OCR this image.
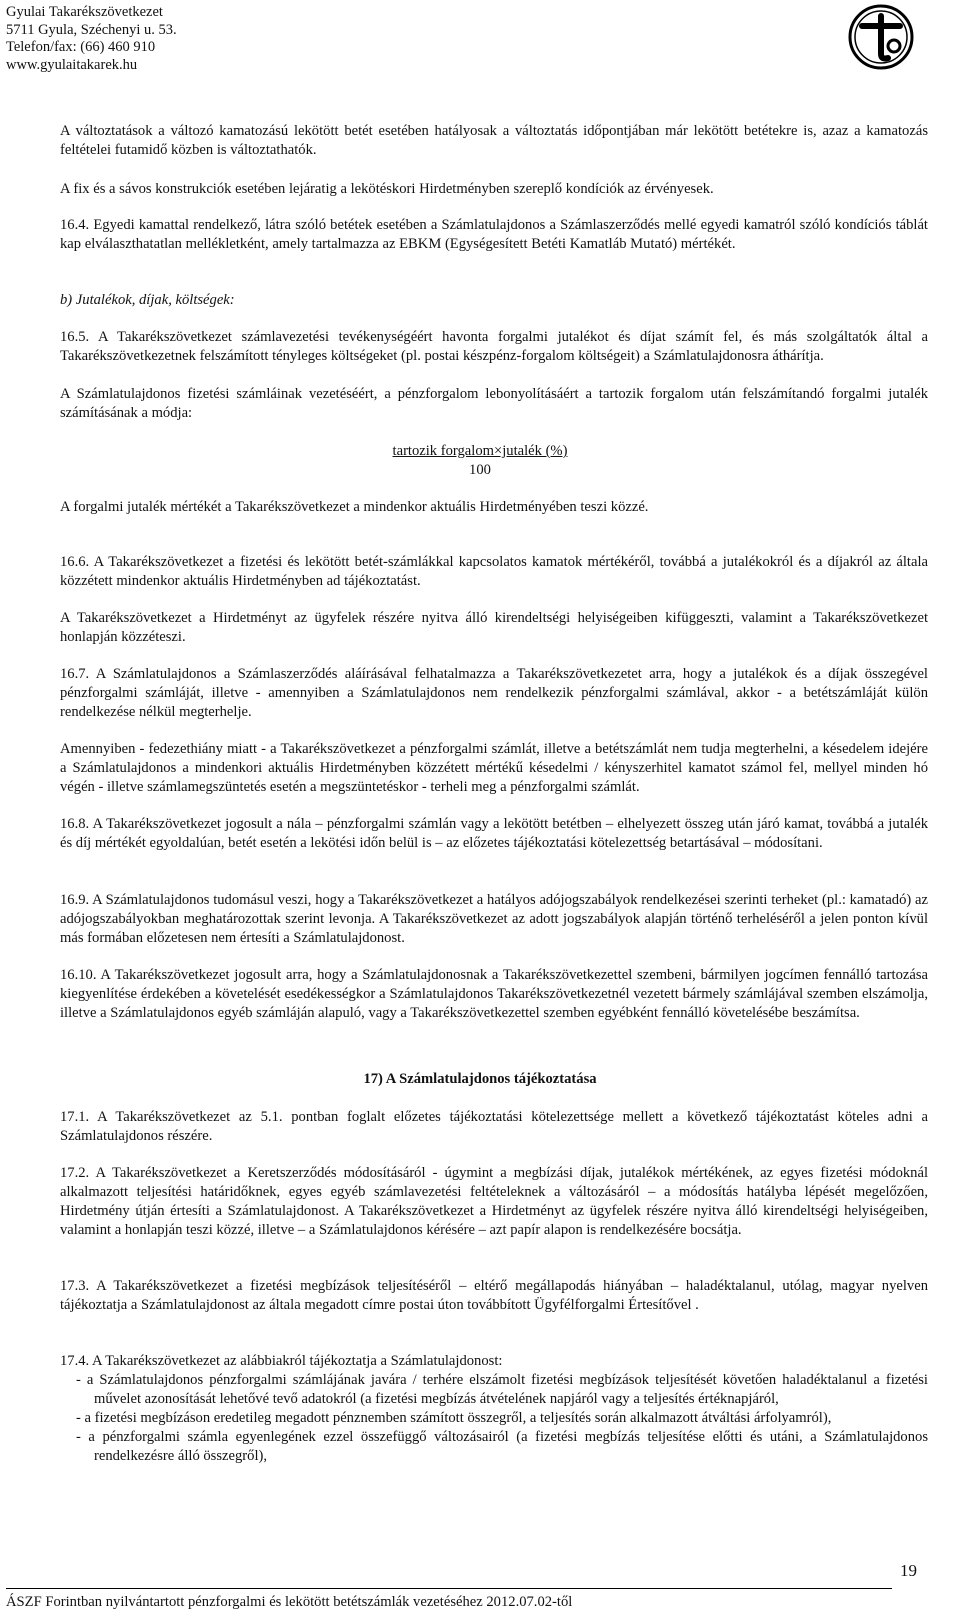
Gyulai Takarékszövetkezet
5711 Gyula, Széchenyi u. 53.
Telefon/fax: (66) 460 910
www.gyulaitakarek.hu
A változtatások a változó kamatozású lekötött betét esetében hatályosak a változtatás időpontjában már lekötött betétekre is, azaz a kamatozás feltételei futamidő közben is változtathatók.
A fix és a sávos konstrukciók esetében lejáratig a lekötéskori Hirdetményben szereplő kondíciók az érvényesek.
16.4. Egyedi kamattal rendelkező, látra szóló betétek esetében a Számlatulajdonos a Számlaszerződés mellé egyedi kamatról szóló kondíciós táblát kap elválaszthatatlan mellékletként, amely tartalmazza az EBKM (Egységesített Betéti Kamatláb Mutató) mértékét.
b) Jutalékok, díjak, költségek:
16.5. A Takarékszövetkezet számlavezetési tevékenységéért havonta forgalmi jutalékot és díjat számít fel, és más szolgáltatók által a Takarékszövetkezetnek felszámított tényleges költségeket (pl. postai készpénz-forgalom költségeit) a Számlatulajdonosra áthárítja.
A Számlatulajdonos fizetési számláinak vezetéséért, a pénzforgalom lebonyolításáért a tartozik forgalom után felszámítandó forgalmi jutalék számításának a módja:
tartozik forgalom×jutalék (%)
100
A forgalmi jutalék mértékét a Takarékszövetkezet a mindenkor aktuális Hirdetményében teszi közzé.
16.6. A Takarékszövetkezet a fizetési és lekötött betét-számlákkal kapcsolatos kamatok mértékéről, továbbá a jutalékokról és a díjakról az általa közzétett mindenkor aktuális Hirdetményben ad tájékoztatást.
A Takarékszövetkezet a Hirdetményt az ügyfelek részére nyitva álló kirendeltségi helyiségeiben kifüggeszti, valamint a Takarékszövetkezet honlapján közzéteszi.
16.7. A Számlatulajdonos a Számlaszerződés aláírásával felhatalmazza a Takarékszövetkezetet arra, hogy a jutalékok és a díjak összegével pénzforgalmi számláját, illetve - amennyiben a Számlatulajdonos nem rendelkezik pénzforgalmi számlával, akkor - a betétszámláját külön rendelkezése nélkül megterhelje.
Amennyiben - fedezethiány miatt - a Takarékszövetkezet a pénzforgalmi számlát, illetve a betétszámlát nem tudja megterhelni, a késedelem idejére a Számlatulajdonos a mindenkori aktuális Hirdetményben közzétett mértékű késedelmi / kényszerhitel kamatot számol fel, mellyel minden hó végén - illetve számlamegszüntetés esetén a megszüntetéskor - terheli meg a pénzforgalmi számlát.
16.8. A Takarékszövetkezet jogosult a nála – pénzforgalmi számlán vagy a lekötött betétben – elhelyezett összeg után járó kamat, továbbá a jutalék és díj mértékét egyoldalúan, betét esetén a lekötési időn belül is – az előzetes tájékoztatási kötelezettség betartásával – módosítani.
16.9. A Számlatulajdonos tudomásul veszi, hogy a Takarékszövetkezet a hatályos adójogszabályok rendelkezései szerinti terheket (pl.: kamatadó) az adójogszabályokban meghatározottak szerint levonja. A Takarékszövetkezet az adott jogszabályok alapján történő terheléséről a jelen ponton kívül más formában előzetesen nem értesíti a Számlatulajdonost.
16.10. A Takarékszövetkezet jogosult arra, hogy a Számlatulajdonosnak a Takarékszövetkezettel szembeni, bármilyen jogcímen fennálló tartozása kiegyenlítése érdekében a követelését esedékességkor a Számlatulajdonos Takarékszövetkezetnél vezetett bármely számlájával szemben elszámolja, illetve a Számlatulajdonos egyéb számláján alapuló, vagy a Takarékszövetkezettel szemben egyébként fennálló követelésébe beszámítsa.
17) A Számlatulajdonos tájékoztatása
17.1. A Takarékszövetkezet az 5.1. pontban foglalt előzetes tájékoztatási kötelezettsége mellett a következő tájékoztatást köteles adni a Számlatulajdonos részére.
17.2. A Takarékszövetkezet a Keretszerződés módosításáról - úgymint a megbízási díjak, jutalékok mértékének, az egyes fizetési módoknál alkalmazott teljesítési határidőknek, egyes egyéb számlavezetési feltételeknek a változásáról – a módosítás hatályba lépését megelőzően, Hirdetmény útján értesíti a Számlatulajdonost. A Takarékszövetkezet a Hirdetményt az ügyfelek részére nyitva álló kirendeltségi helyiségeiben, valamint a honlapján teszi közzé, illetve – a Számlatulajdonos kérésére – azt papír alapon is rendelkezésére bocsátja.
17.3. A Takarékszövetkezet a fizetési megbízások teljesítéséről – eltérő megállapodás hiányában – haladéktalanul, utólag, magyar nyelven tájékoztatja a Számlatulajdonost az általa megadott címre postai úton továbbított Ügyfélforgalmi Értesítővel .
17.4. A Takarékszövetkezet az alábbiakról tájékoztatja a Számlatulajdonost:
- a Számlatulajdonos pénzforgalmi számlájának javára / terhére elszámolt fizetési megbízások teljesítését követően haladéktalanul a fizetési művelet azonosítását lehetővé tevő adatokról (a fizetési megbízás átvételének napjáról vagy a teljesítés értéknapjáról,
- a fizetési megbízáson eredetileg megadott pénznemben számított összegről, a teljesítés során alkalmazott átváltási árfolyamról),
- a pénzforgalmi számla egyenlegének ezzel összefüggő változásairól (a fizetési megbízás teljesítése előtti és utáni, a Számlatulajdonos rendelkezésre álló összegről),
19
ÁSZF Forintban nyilvántartott pénzforgalmi és lekötött betétszámlák vezetéséhez 2012.07.02-től
